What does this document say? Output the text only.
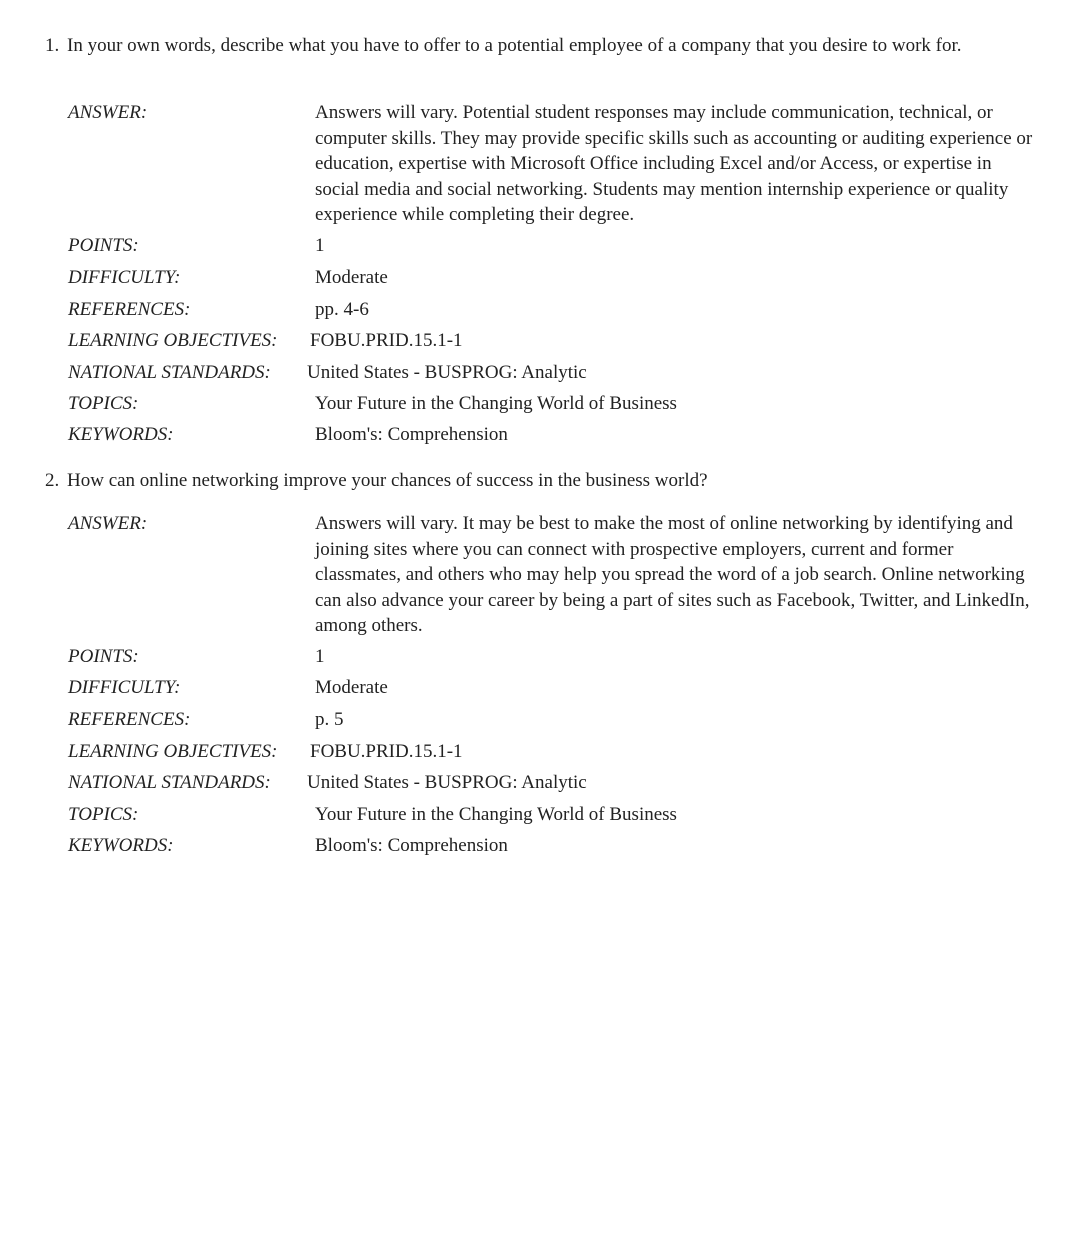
1. In your own words, describe what you have to offer to a potential employee of a company that you desire to work for.
ANSWER:	Answers will vary. Potential student responses may include communication, technical, or computer skills. They may provide specific skills such as accounting or auditing experience or education, expertise with Microsoft Office including Excel and/or Access, or expertise in social media and social networking. Students may mention internship experience or quality experience while completing their degree.
POINTS:	1
DIFFICULTY:	Moderate
REFERENCES:	pp. 4-6
LEARNING OBJECTIVES: FOBU.PRID.15.1-1
NATIONAL STANDARDS: United States - BUSPROG: Analytic
TOPICS:	Your Future in the Changing World of Business
KEYWORDS:	Bloom's: Comprehension
2. How can online networking improve your chances of success in the business world?
ANSWER:	Answers will vary. It may be best to make the most of online networking by identifying and joining sites where you can connect with prospective employers, current and former classmates, and others who may help you spread the word of a job search. Online networking can also advance your career by being a part of sites such as Facebook, Twitter, and LinkedIn, among others.
POINTS:	1
DIFFICULTY:	Moderate
REFERENCES:	p. 5
LEARNING OBJECTIVES: FOBU.PRID.15.1-1
NATIONAL STANDARDS: United States - BUSPROG: Analytic
TOPICS:	Your Future in the Changing World of Business
KEYWORDS:	Bloom's: Comprehension
